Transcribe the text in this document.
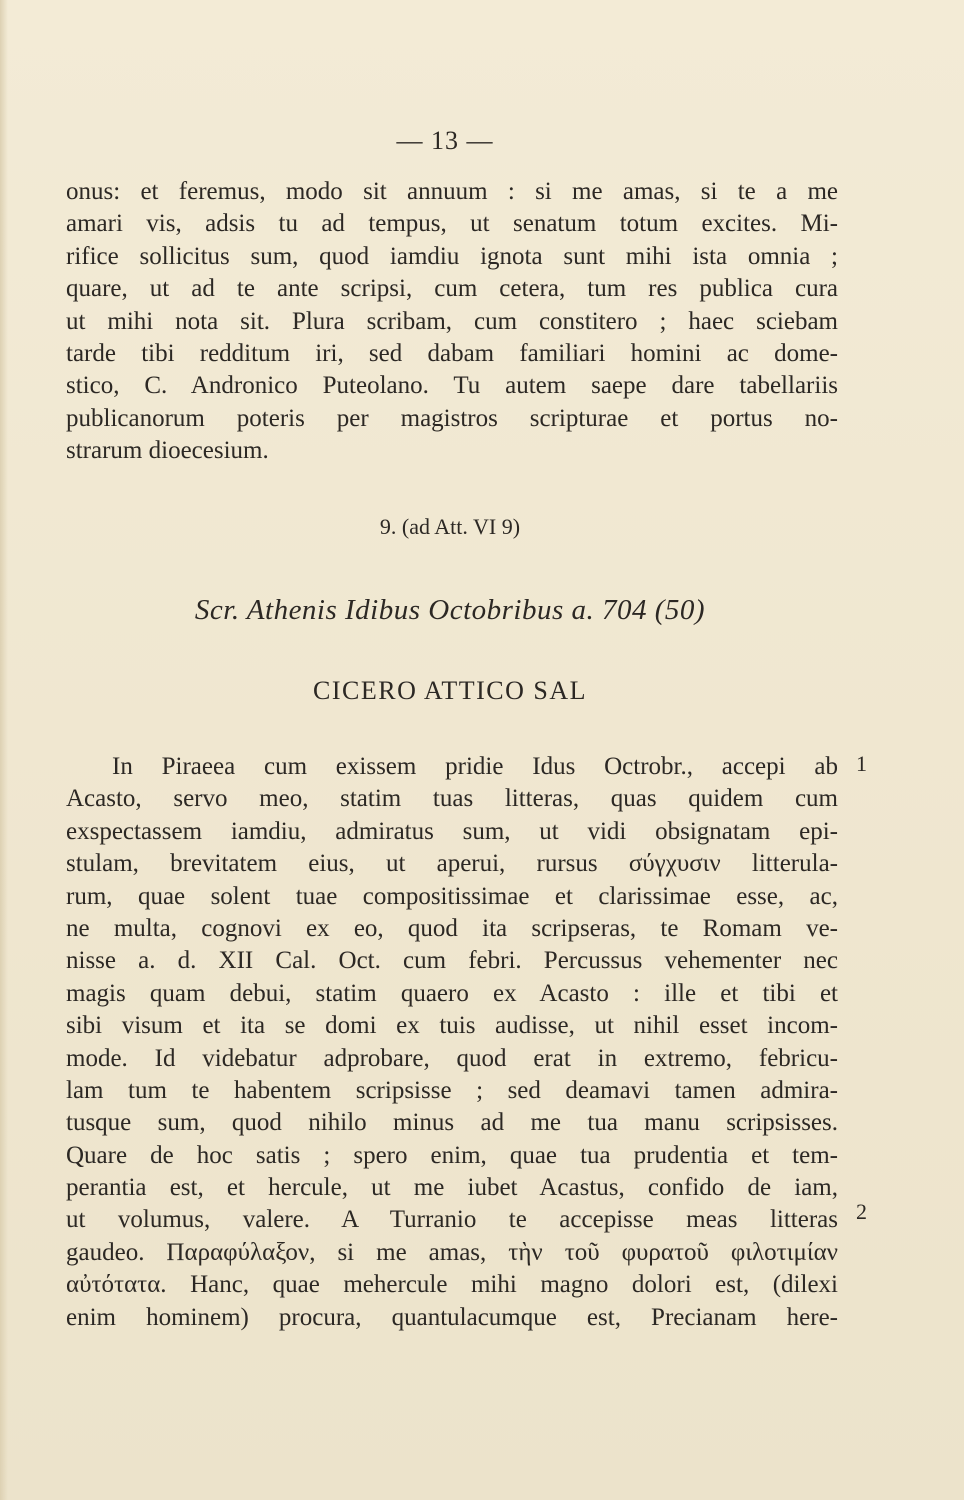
— 13 —
onus: et feremus, modo sit annuum : si me amas, si te a me
amari vis, adsis tu ad tempus, ut senatum totum excites. Mi-
rifice sollicitus sum, quod iamdiu ignota sunt mihi ista omnia ;
quare, ut ad te ante scripsi, cum cetera, tum res publica cura
ut mihi nota sit. Plura scribam, cum constitero ; haec sciebam
tarde tibi redditum iri, sed dabam familiari homini ac dome-
stico, C. Andronico Puteolano. Tu autem saepe dare tabellariis
publicanorum poteris per magistros scripturae et portus no-
strarum dioecesium.
9. (ad Att. VI 9)
Scr. Athenis Idibus Octobribus a. 704 (50)
CICERO ATTICO SAL
In Piraeea cum exissem pridie Idus Octrobr., accepi ab
Acasto, servo meo, statim tuas litteras, quas quidem cum
exspectassem iamdiu, admiratus sum, ut vidi obsignatam epi-
stulam, brevitatem eius, ut aperui, rursus σύγχυσιν litterula-
rum, quae solent tuae compositissimae et clarissimae esse, ac,
ne multa, cognovi ex eo, quod ita scripseras, te Romam ve-
nisse a. d. XII Cal. Oct. cum febri. Percussus vehementer nec
magis quam debui, statim quaero ex Acasto : ille et tibi et
sibi visum et ita se domi ex tuis audisse, ut nihil esset incom-
mode. Id videbatur adprobare, quod erat in extremo, febricu-
lam tum te habentem scripsisse ; sed deamavi tamen admira-
tusque sum, quod nihilo minus ad me tua manu scripsisses.
Quare de hoc satis ; spero enim, quae tua prudentia et tem-
perantia est, et hercule, ut me iubet Acastus, confido de iam,
ut volumus, valere. A Turranio te accepisse meas litteras
gaudeo. Παραφύλαξον, si me amas, τὴν τοῦ φυρατοῦ φιλοτιμίαν
αὐτότατα. Hanc, quae mehercule mihi magno dolori est, (dilexi
enim hominem) procura, quantulacumque est, Precianam here-
1
2
